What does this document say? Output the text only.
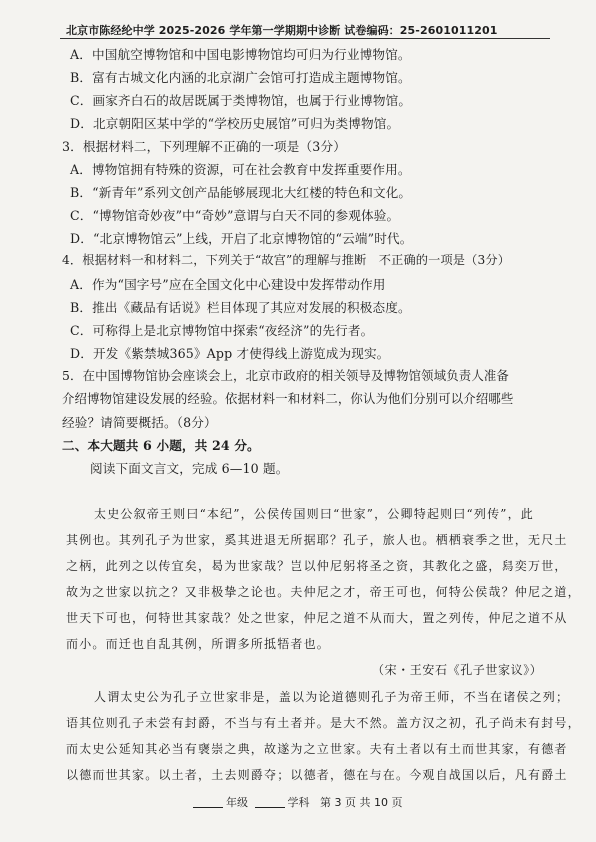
北京市陈经纶中学 2025-2026 学年第一学期期中诊断 试卷编码：25-2601011201
A．中国航空博物馆和中国电影博物馆均可归为行业博物馆。
B．富有古城文化内涵的北京湖广会馆可打造成主题博物馆。
C．画家齐白石的故居既属于类博物馆，也属于行业博物馆。
D．北京朝阳区某中学的“学校历史展馆”可归为类博物馆。
3．根据材料二，下列理解不正确的一项是（3分）
A．博物馆拥有特殊的资源，可在社会教育中发挥重要作用。
B．“新青年”系列文创产品能够展现北大红楼的特色和文化。
C．“博物馆奇妙夜”中“奇妙”意谓与白天不同的参观体验。
D．“北京博物馆云”上线，开启了北京博物馆的“云端”时代。
4．根据材料一和材料二，下列关于“故宫”的理解与推断　不正确的一项是（3分）
A．作为“国字号”应在全国文化中心建设中发挥带动作用
B．推出《藏品有话说》栏目体现了其应对发展的积极态度。
C．可称得上是北京博物馆中探索“夜经济”的先行者。
D．开发《紫禁城365》App 才使得线上游览成为现实。
5．在中国博物馆协会座谈会上，北京市政府的相关领导及博物馆领域负责人准备
介绍博物馆建设发展的经验。依据材料一和材料二，你认为他们分别可以介绍哪些
经验？请简要概括。（8分）
二、本大题共 6 小题，共 24 分。
阅读下面文言文，完成 6—10 题。
太史公叙帝王则曰“本纪”，公侯传国则曰“世家”，公卿特起则曰“列传”，此
其例也。其列孔子为世家，奚其进退无所据耶？孔子，旅人也。栖栖衰季之世，无尺土
之柄，此列之以传宜矣，曷为世家哉？岂以仲尼躬将圣之资，其教化之盛，舄奕万世，
故为之世家以抗之？又非极挚之论也。夫仲尼之才，帝王可也，何特公侯哉？仲尼之道，
世天下可也，何特世其家哉？处之世家，仲尼之道不从而大，置之列传，仲尼之道不从
而小。而迁也自乱其例，所谓多所抵牾者也。
（宋・王安石《孔子世家议》）
人谓太史公为孔子立世家非是，盖以为论道德则孔子为帝王师，不当在诸侯之列；
语其位则孔子未尝有封爵，不当与有土者并。是大不然。盖方汉之初，孔子尚未有封号，
而太史公延知其必当有襃崇之典，故遂为之立世家。夫有土者以有土而世其家，有德者
以德而世其家。以土者，土去则爵夺；以德者，德在与在。今观自战国以后，凡有爵土
年级	学科 第 3 页 共 10 页
